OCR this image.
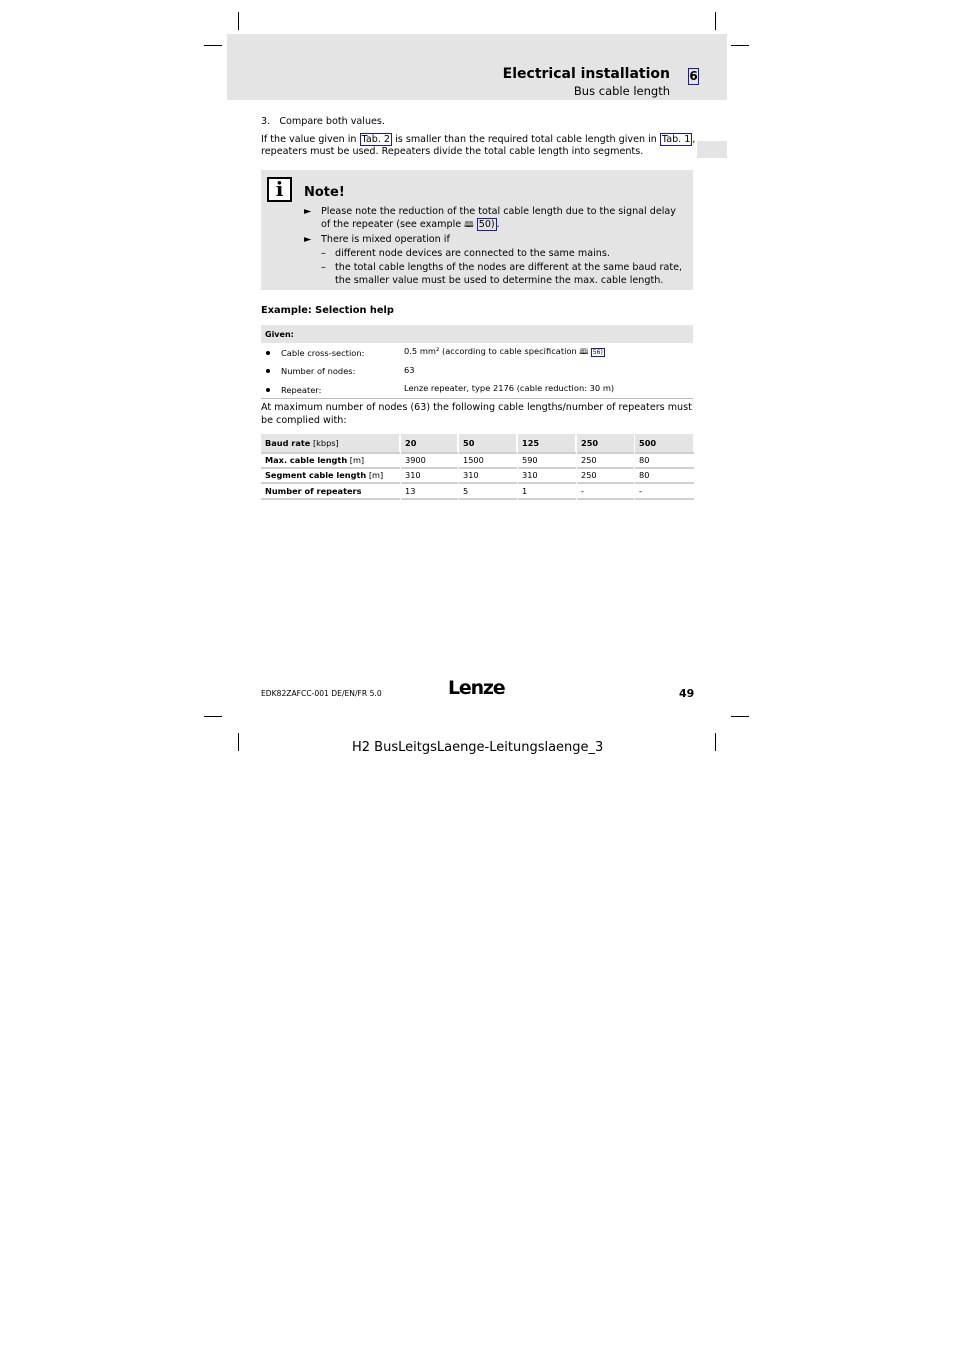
Electrical installation
Bus cable length
6
3. Compare both values.
If the value given in Tab. 2 is smaller than the required total cable length given in Tab. 1 ,
repeaters must be used. Repeaters divide the total cable length into segments.
i	Note!
► Please note the reduction of the total cable length due to the signal delay
of the repeater (see example 🕮 50) .
► There is mixed operation if
– different node devices are connected to the same mains.
– the total cable lengths of the nodes are different at the same baud rate,
the smaller value must be used to determine the max. cable length.
Example: Selection help
Given:
Cable cross-section:	0.5 mm² (according to cable specification 🕮 56)
Number of nodes:	63
Repeater:	Lenze repeater, type 2176 (cable reduction: 30 m)
At maximum number of nodes (63) the following cable lengths/number of repeaters must
be complied with:
Baud rate [kbps]	20	50	125	250	500
Max. cable length [m]	3900	1500	590	250	80
Segment cable length [m]	310	310	310	250	80
Number of repeaters	13	5	1	-	-
EDK82ZAFCC-001 DE/EN/FR 5.0	Lenze	49
H2 BusLeitgsLaenge-Leitungslaenge_3
